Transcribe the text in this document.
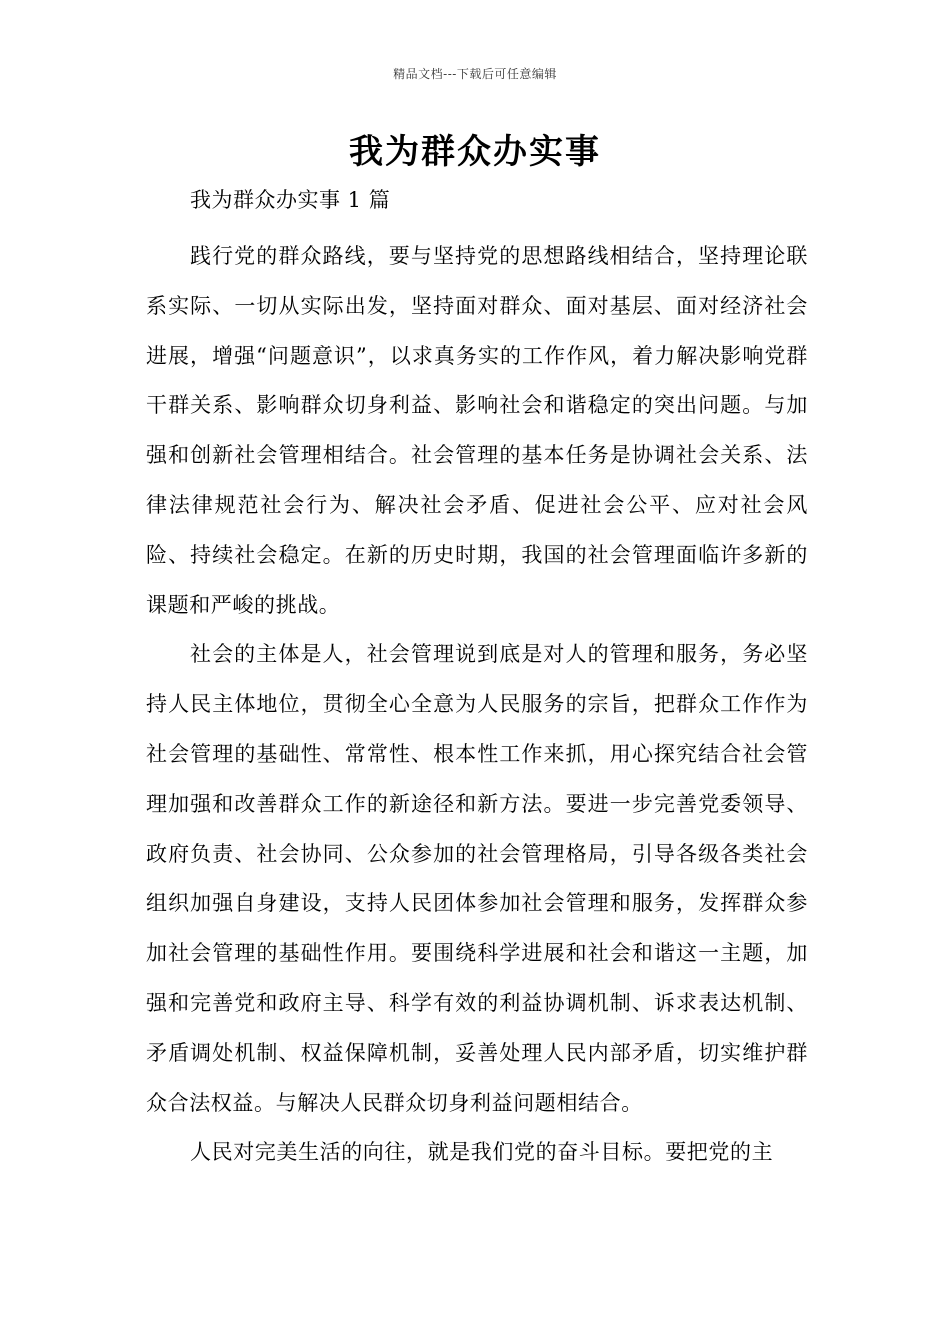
精品文档---下载后可任意编辑
我为群众办实事
我为群众办实事 1 篇

践行党的群众路线，要与坚持党的思想路线相结合，坚持理论联系实际、一切从实际出发，坚持面对群众、面对基层、面对经济社会进展，增强“问题意识”，以求真务实的工作作风，着力解决影响党群干群关系、影响群众切身利益、影响社会和谐稳定的突出问题。与加强和创新社会管理相结合。社会管理的基本任务是协调社会关系、法律法律规范社会行为、解决社会矛盾、促进社会公平、应对社会风险、持续社会稳定。在新的历史时期，我国的社会管理面临许多新的课题和严峻的挑战。

社会的主体是人，社会管理说到底是对人的管理和服务，务必坚持人民主体地位，贯彻全心全意为人民服务的宗旨，把群众工作作为社会管理的基础性、常常性、根本性工作来抓，用心探究结合社会管理加强和改善群众工作的新途径和新方法。要进一步完善党委领导、政府负责、社会协同、公众参加的社会管理格局，引导各级各类社会组织加强自身建设，支持人民团体参加社会管理和服务，发挥群众参加社会管理的基础性作用。要围绕科学进展和社会和谐这一主题，加强和完善党和政府主导、科学有效的利益协调机制、诉求表达机制、矛盾调处机制、权益保障机制，妥善处理人民内部矛盾，切实维护群众合法权益。与解决人民群众切身利益问题相结合。

人民对完美生活的向往，就是我们党的奋斗目标。要把党的主
